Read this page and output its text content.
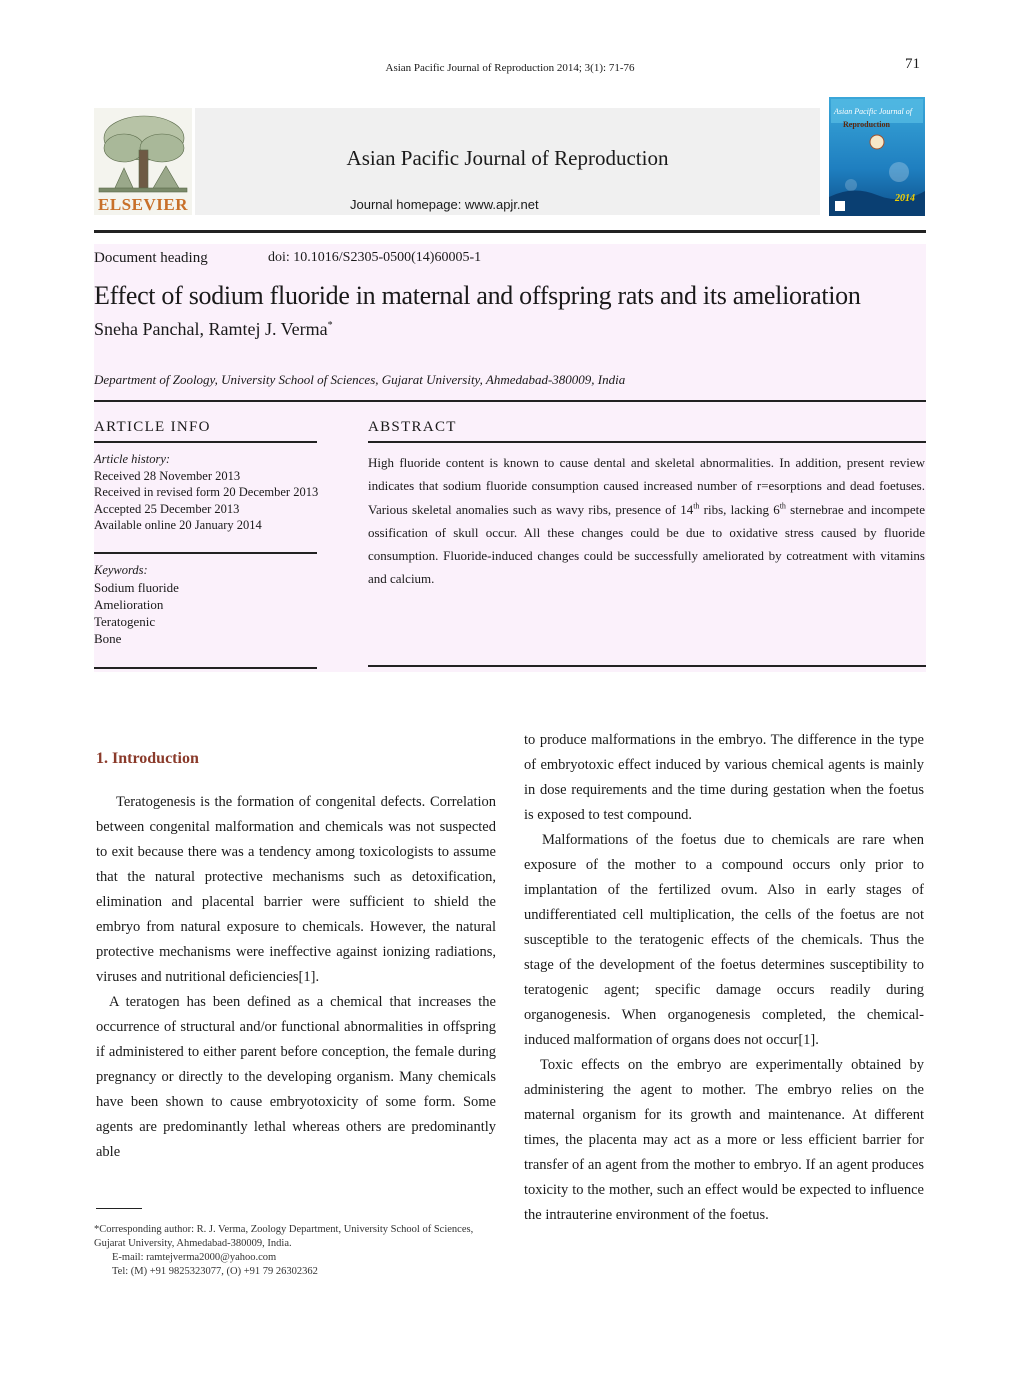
Asian Pacific Journal of Reproduction 2014; 3(1): 71-76	71
ELSEVIER
Asian Pacific Journal of Reproduction
Journal homepage: www.apjr.net
Asian Pacific Journal of
Reproduction
2014
Document heading	doi: 10.1016/S2305-0500(14)60005-1
Effect of sodium fluoride in maternal and offspring rats and its amelioration
Sneha Panchal, Ramtej J. Verma*
Department of Zoology, University School of Sciences, Gujarat University, Ahmedabad-380009, India
ARTICLE INFO
Article history:
Received 28 November 2013
Received in revised form 20 December 2013
Accepted 25 December 2013
Available online 20 January 2014
Keywords:
Sodium fluoride
Amelioration
Teratogenic
Bone
ABSTRACT
High fluoride content is known to cause dental and skeletal abnormalities. In addition, present review indicates that sodium fluoride consumption caused increased number of r=esorptions and dead foetuses. Various skeletal anomalies such as wavy ribs, presence of 14th ribs, lacking 6th sternebrae and incompete ossification of skull occur. All these changes could be due to oxidative stress caused by fluoride consumption. Fluoride-induced changes could be successfully ameliorated by cotreatment with vitamins and calcium.
1. Introduction

Teratogenesis is the formation of congenital defects. Correlation between congenital malformation and chemicals was not suspected to exit because there was a tendency among toxicologists to assume that the natural protective mechanisms such as detoxification, elimination and placental barrier were sufficient to shield the embryo from natural exposure to chemicals. However, the natural protective mechanisms were ineffective against ionizing radiations, viruses and nutritional deficiencies[1].

A teratogen has been defined as a chemical that increases the occurrence of structural and/or functional abnormalities in offspring if administered to either parent before conception, the female during pregnancy or directly to the developing organism. Many chemicals have been shown to cause embryotoxicity of some form. Some agents are predominantly lethal whereas others are predominantly able

to produce malformations in the embryo. The difference in the type of embryotoxic effect induced by various chemical agents is mainly in dose requirements and the time during gestation when the foetus is exposed to test compound.

Malformations of the foetus due to chemicals are rare when exposure of the mother to a compound occurs only prior to implantation of the fertilized ovum. Also in early stages of undifferentiated cell multiplication, the cells of the foetus are not susceptible to the teratogenic effects of the chemicals. Thus the stage of the development of the foetus determines susceptibility to teratogenic agent; specific damage occurs readily during organogenesis. When organogenesis completed, the chemical-induced malformation of organs does not occur[1].

Toxic effects on the embryo are experimentally obtained by administering the agent to mother. The embryo relies on the maternal organism for its growth and maintenance. At different times, the placenta may act as a more or less efficient barrier for transfer of an agent from the mother to embryo. If an agent produces toxicity to the mother, such an effect would be expected to influence the intrauterine environment of the foetus.

*Corresponding author: R. J. Verma, Zoology Department, University School of Sciences, Gujarat University, Ahmedabad-380009, India.

E-mail: ramtejverma2000@yahoo.com

Tel: (M) +91 9825323077, (O) +91 79 26302362
